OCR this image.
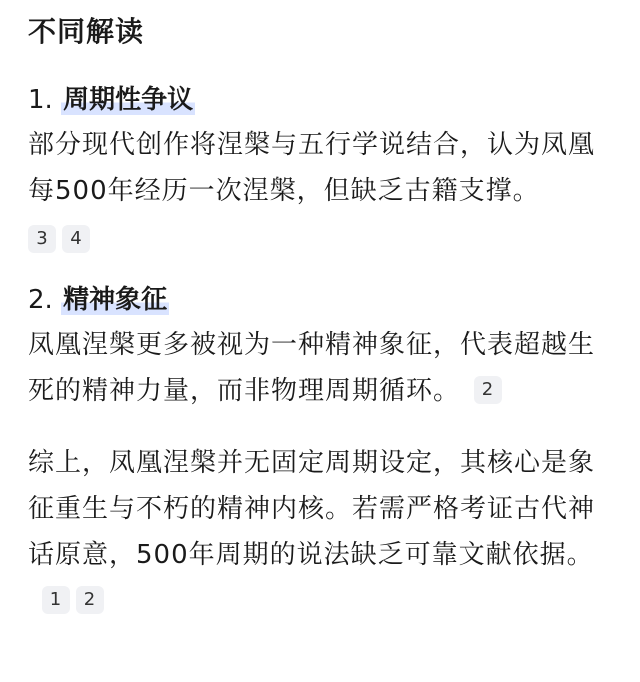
不同解读

1. 周期性争议

部分现代创作将涅槃与五行学说结合，认为凤凰每500年经历一次涅槃，但缺乏古籍支撑。

3 4

2. 精神象征

凤凰涅槃更多被视为一种精神象征，代表超越生死的精神力量，而非物理周期循环。 2

综上，凤凰涅槃并无固定周期设定，其核心是象征重生与不朽的精神内核。若需严格考证古代神话原意，500年周期的说法缺乏可靠文献依据。1 2
